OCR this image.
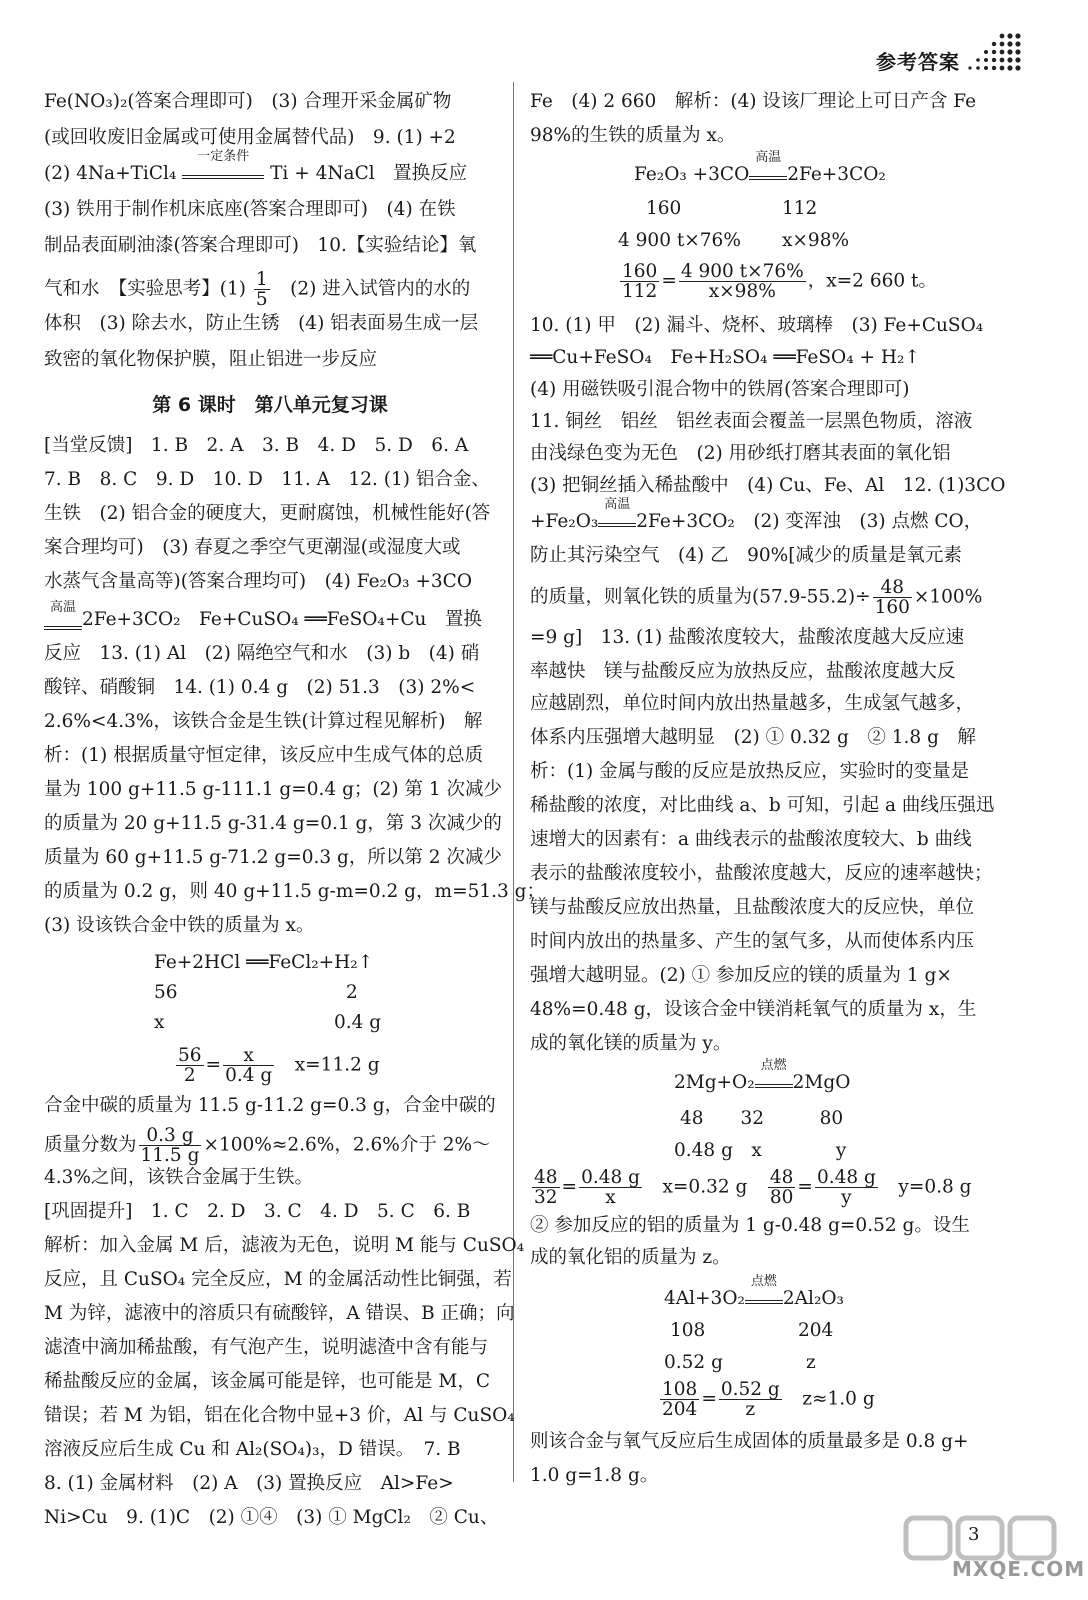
参考答案
Fe(NO₃)₂(答案合理即可)　(3) 合理开采金属矿物
(或回收废旧金属或可使用金属替代品)　9. (1) +2
(2) 4Na+TiCl₄
一定条件
Ti + 4NaCl　置换反应
(3) 铁用于制作机床底座(答案合理即可)　(4) 在铁
制品表面刷油漆(答案合理即可)　10.【实验结论】氧
气和水　【实验思考】$(1) \frac{1}{5}$ 　(2) 进入试管内的水的
体积　(3) 除去水，防止生锈　(4) 铝表面易生成一层
致密的氧化物保护膜，阻止铝进一步反应
第 6 课时　第八单元复习课
[当堂反馈]　1. B　2. A　3. B　4. D　5. D　6. A
7. B　8. C　9. D　10. D　11. A　12. (1) 铝合金、
生铁　(2) 铝合金的硬度大，更耐腐蚀，机械性能好(答
案合理均可)　(3) 春夏之季空气更潮湿(或湿度大或
水蒸气含量高等)(答案合理均可)　(4) Fe₂O₃ +3CO
高温
2Fe+3CO₂　Fe+CuSO₄ ══FeSO₄+Cu　置换
反应　13. (1) Al　(2) 隔绝空气和水　(3) b　(4) 硝
酸锌、硝酸铜　14. (1) 0.4 g　(2) 51.3　(3) 2%<
2.6%<4.3%，该铁合金是生铁(计算过程见解析)　解
析：(1) 根据质量守恒定律，该反应中生成气体的总质
量为 100 g+11.5 g-111.1 g=0.4 g；(2) 第 1 次减少
的质量为 20 g+11.5 g-31.4 g=0.1 g，第 3 次减少的
质量为 60 g+11.5 g-71.2 g=0.3 g，所以第 2 次减少
的质量为 0.2 g，则 40 g+11.5 g-m=0.2 g，m=51.3 g；
(3) 设该铁合金中铁的质量为 x。
Fe+2HCl ══FeCl₂+H₂↑
56	2
x	0.4 g
$\frac{56}{2} = \frac{x}{0.4 g}$
　 x=11.2 g
合金中碳的质量为 11.5 g-11.2 g=0.3 g，合金中碳的
质量分数为 $\frac{0.3 g}{11.5 g} \times 100\%\approx 2.6\%$，2.6%介于 2%～
4.3%之间，该铁合金属于生铁。
[巩固提升]　1. C　2. D　3. C　4. D　5. C　6. B
解析：加入金属 M 后，滤液为无色，说明 M 能与 CuSO₄
反应，且 CuSO₄ 完全反应，M 的金属活动性比铜强，若
M 为锌，滤液中的溶质只有硫酸锌，A 错误、B 正确；向
滤渣中滴加稀盐酸，有气泡产生，说明滤渣中含有能与
稀盐酸反应的金属，该金属可能是锌，也可能是 M，C
错误；若 M 为铝，铝在化合物中显+3 价，Al 与 CuSO₄
溶液反应后生成 Cu 和 Al₂(SO₄)₃，D 错误。　7. B
8. (1) 金属材料　(2) A　(3) 置换反应　Al>Fe>
Ni>Cu　9. (1)C　(2) ①④　(3) ① MgCl₂　② Cu、
Fe　(4) 2 660　解析：(4) 设该厂理论上可日产含 Fe
98%的生铁的质量为 x。
Fe₂O₃ +3CO
高温
2Fe+3CO₂
160	112
4 900 t×76% x×98%
$\frac{160}{112} = \frac{4 900 t\times 76\%}{x\times 98\%}$ ，x=2 660 t。
10. (1) 甲　(2) 漏斗、烧杯、玻璃棒　(3) Fe+CuSO₄
══Cu+FeSO₄　Fe+H₂SO₄ ══FeSO₄ + H₂↑
(4) 用磁铁吸引混合物中的铁屑(答案合理即可)
11. 铜丝　铝丝　铝丝表面会覆盖一层黑色物质，溶液
由浅绿色变为无色　(2) 用砂纸打磨其表面的氧化铝
(3) 把铜丝插入稀盐酸中　(4) Cu、Fe、Al　12. (1)3CO
+Fe₂O₃
高温
2Fe+3CO₂　(2) 变浑浊　(3) 点燃 CO，
防止其污染空气　(4) 乙　90%[减少的质量是氧元素
的质量，则氧化铁的质量为$(57.9-55.2)\div \frac{48}{160} \times 100\%$
=9 g]　13. (1) 盐酸浓度较大，盐酸浓度越大反应速
率越快　镁与盐酸反应为放热反应，盐酸浓度越大反
应越剧烈，单位时间内放出热量越多，生成氢气越多，
体系内压强增大越明显　(2) ① 0.32 g　② 1.8 g　解
析：(1) 金属与酸的反应是放热反应，实验时的变量是
稀盐酸的浓度，对比曲线 a、b 可知，引起 a 曲线压强迅
速增大的因素有：a 曲线表示的盐酸浓度较大、b 曲线
表示的盐酸浓度较小，盐酸浓度越大，反应的速率越快；
镁与盐酸反应放出热量，且盐酸浓度大的反应快，单位
时间内放出的热量多、产生的氢气多，从而使体系内压
强增大越明显。(2) ① 参加反应的镁的质量为 1 g×
48%=0.48 g，设该合金中镁消耗氧气的质量为 x，生
成的氧化镁的质量为 y。
2Mg+O₂
点燃
2MgO
48　　32　　　80
0.48 g　x　　　　y
$\frac{48}{32} = \frac{0.48 g}{x}$
　 x=0.32 g　 $\frac{48}{80} = \frac{0.48 g}{y}$
　 y=0.8 g
② 参加反应的铝的质量为 1 g-0.48 g=0.52 g。设生
成的氧化铝的质量为 z。
4Al+3O₂
点燃
2Al₂O₃
108	204
0.52 g	z
$\frac{108}{204} = \frac{0.52 g}{z}$
　 z≈1.0 g
则该合金与氧气反应后生成固体的质量最多是 0.8 g+
1.0 g=1.8 g。
3
MXQE.COM
